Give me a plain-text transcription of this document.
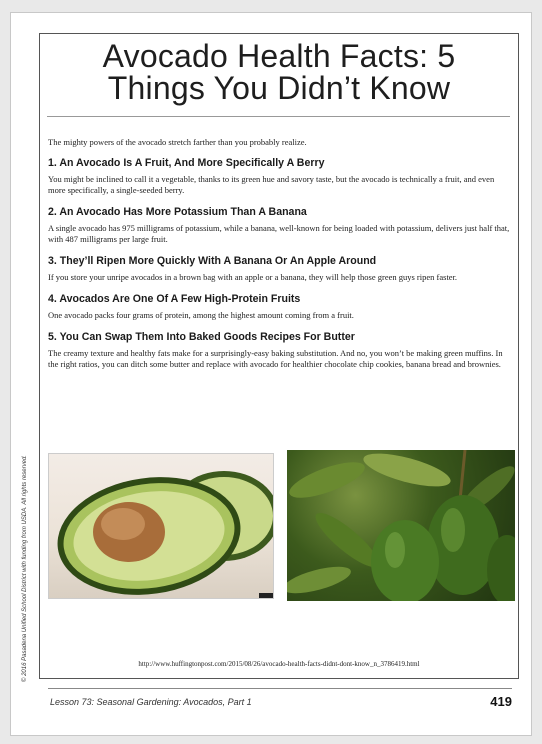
Avocado Health Facts: 5
Things You Didn’t Know

The mighty powers of the avocado stretch farther than you probably realize.

1. An Avocado Is A Fruit, And More Specifically A Berry

You might be inclined to call it a vegetable, thanks to its green hue and savory taste, but the avocado is technically a fruit, and even more specifically, a single-seeded berry.

2. An Avocado Has More Potassium Than A Banana

A single avocado has 975 milligrams of potassium, while a banana, well-known for being loaded with potassium, delivers just half that, with 487 milligrams per large fruit.

3. They’ll Ripen More Quickly With A Banana Or An Apple Around

If you store your unripe avocados in a brown bag with an apple or a banana, they will help those green guys ripen faster.

4. Avocados Are One Of A Few High-Protein Fruits

One avocado packs four grams of protein, among the highest amount coming from a fruit.

5. You Can Swap Them Into Baked Goods Recipes For Butter

The creamy texture and healthy fats make for a surprisingly-easy baking substitution. And no, you won’t be making green muffins. In the right ratios, you can ditch some butter and replace with avocado for healthier chocolate chip cookies, banana bread and brownies.

http://www.huffingtonpost.com/2015/08/26/avocado-health-facts-didnt-dont-know_n_3786419.html
Lesson 73: Seasonal Gardening: Avocados, Part 1	419
© 2016 Pasadena Unified School District with funding from USDA. All rights reserved.
